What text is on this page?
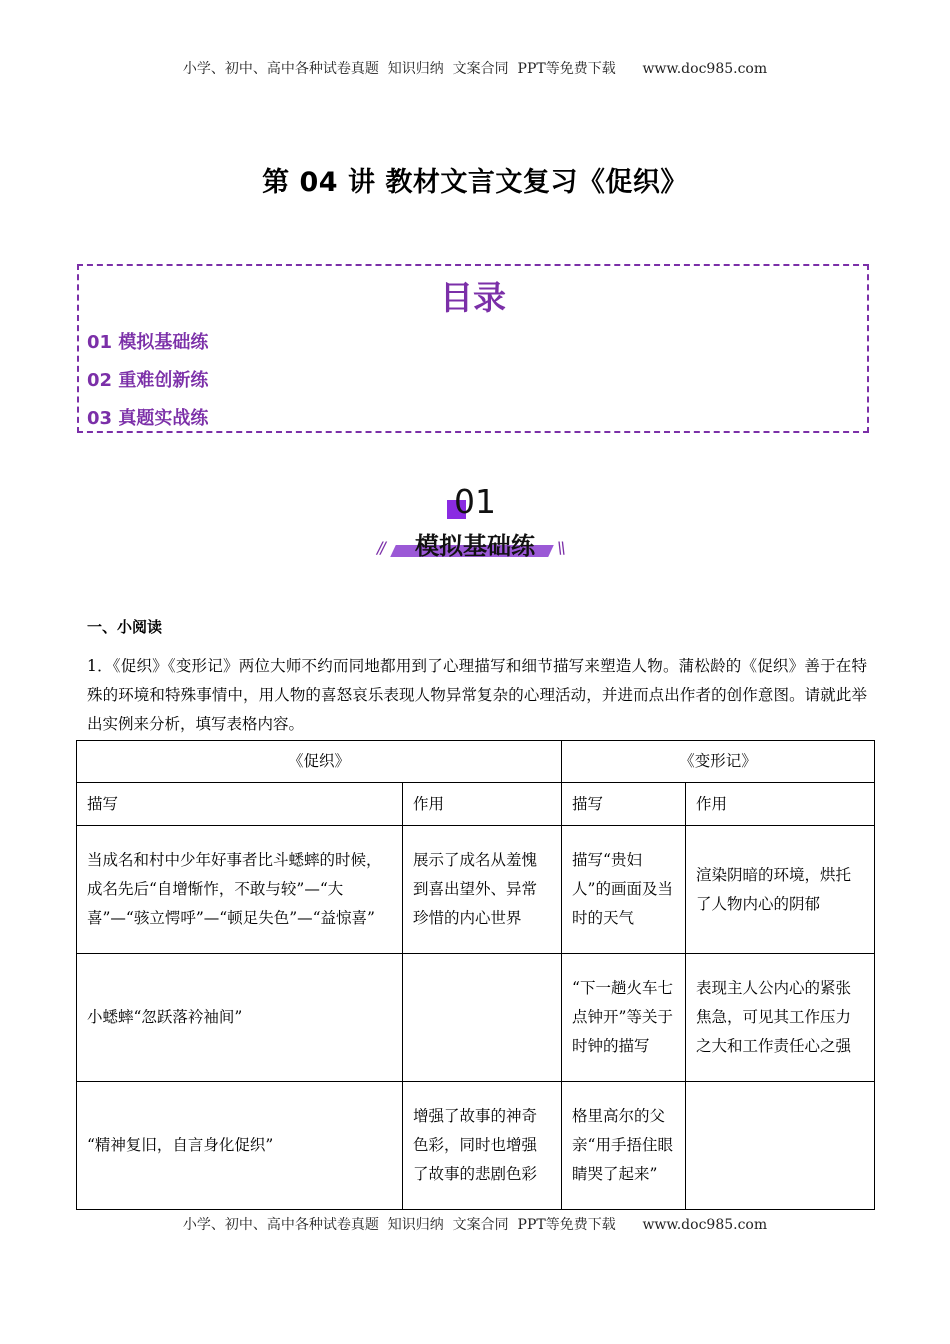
小学、初中、高中各种试卷真题  知识归纳  文案合同  PPT等免费下载      www.doc985.com
第 04 讲 教材文言文复习《促织》
目录
01 模拟基础练
02 重难创新练
03 真题实战练
01
//	模拟基础练	\\
一、小阅读
1．《促织》《变形记》两位大师不约而同地都用到了心理描写和细节描写来塑造人物。蒲松龄的《促织》善于在特殊的环境和特殊事情中，用人物的喜怒哀乐表现人物异常复杂的心理活动，并进而点出作者的创作意图。请就此举出实例来分析，填写表格内容。
《促织》		《变形记》	
描写	作用	描写	作用
当成名和村中少年好事者比斗蟋蟀的时候，成名先后“自增惭怍，不敢与较”—“大喜”—“骇立愕呼”—“顿足失色”—“益惊喜”	展示了成名从羞愧到喜出望外、异常珍惜的内心世界	描写“贵妇人”的画面及当时的天气	渲染阴暗的环境，烘托了人物内心的阴郁
小蟋蟀“忽跃落衿袖间”		“下一趟火车七点钟开”等关于时钟的描写	表现主人公内心的紧张焦急，可见其工作压力之大和工作责任心之强
“精神复旧，自言身化促织”	增强了故事的神奇色彩，同时也增强了故事的悲剧色彩	格里高尔的父亲“用手捂住眼睛哭了起来”	
小学、初中、高中各种试卷真题  知识归纳  文案合同  PPT等免费下载      www.doc985.com
